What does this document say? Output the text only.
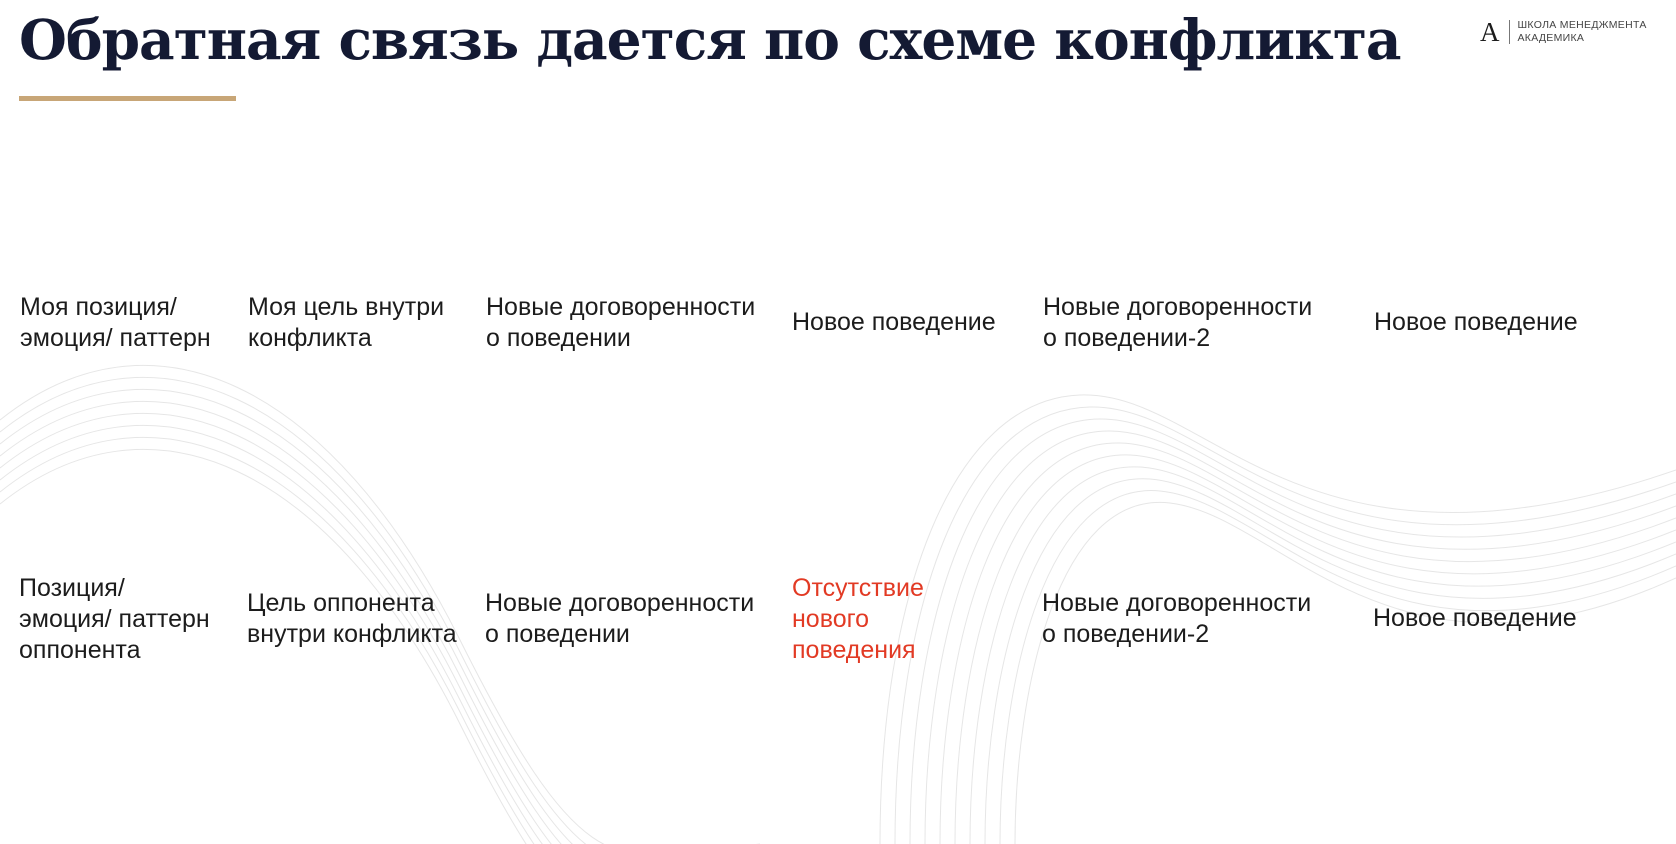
Обратная связь дается по схеме конфликта	A ШКОЛА МЕНЕДЖМЕНТА
АКАДЕМИКА

Моя позиция/
эмоция/ паттерн

Моя цель внутри
конфликта

Новые договоренности
о поведении

Новое поведение

Новые договоренности
о поведении-2

Новое поведение

Позиция/
эмоция/ паттерн
оппонента

Цель оппонента
внутри конфликта

Новые договоренности
о поведении

Отсутствие
нового
поведения

Новые договоренности
о поведении-2

Новое поведение
